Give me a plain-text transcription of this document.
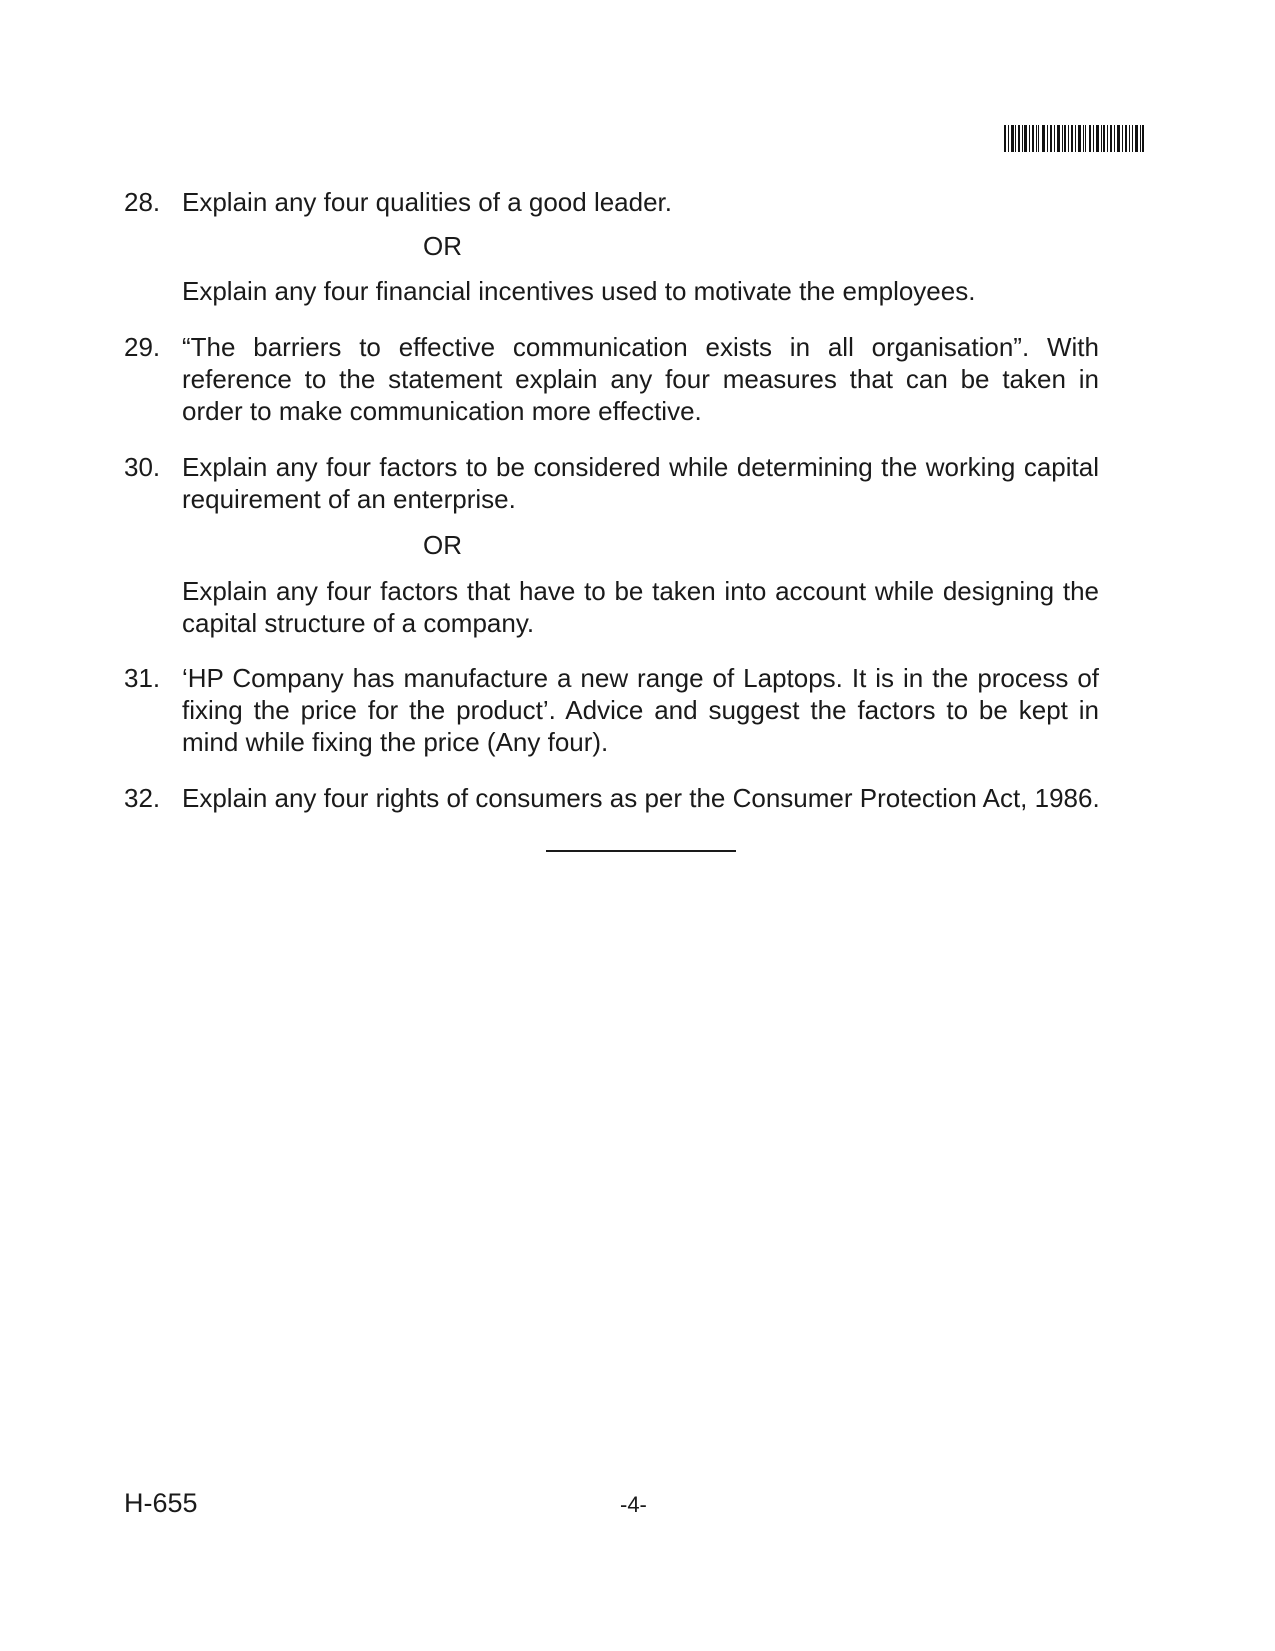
28. Explain any four qualities of a good leader.
OR
Explain any four financial incentives used to motivate the employees.
29. “The barriers to effective communication exists in all organisation”. With reference to the statement explain any four measures that can be taken in order to make communication more effective.
30. Explain any four factors to be considered while determining the working capital requirement of an enterprise.
OR
Explain any four factors that have to be taken into account while designing the capital structure of a company.
31. ‘HP Company has manufacture a new range of Laptops. It is in the process of fixing the price for the product’. Advice and suggest the factors to be kept in mind while fixing the price (Any four).
32. Explain any four rights of consumers as per the Consumer Protection Act, 1986.
H-655	-4-
